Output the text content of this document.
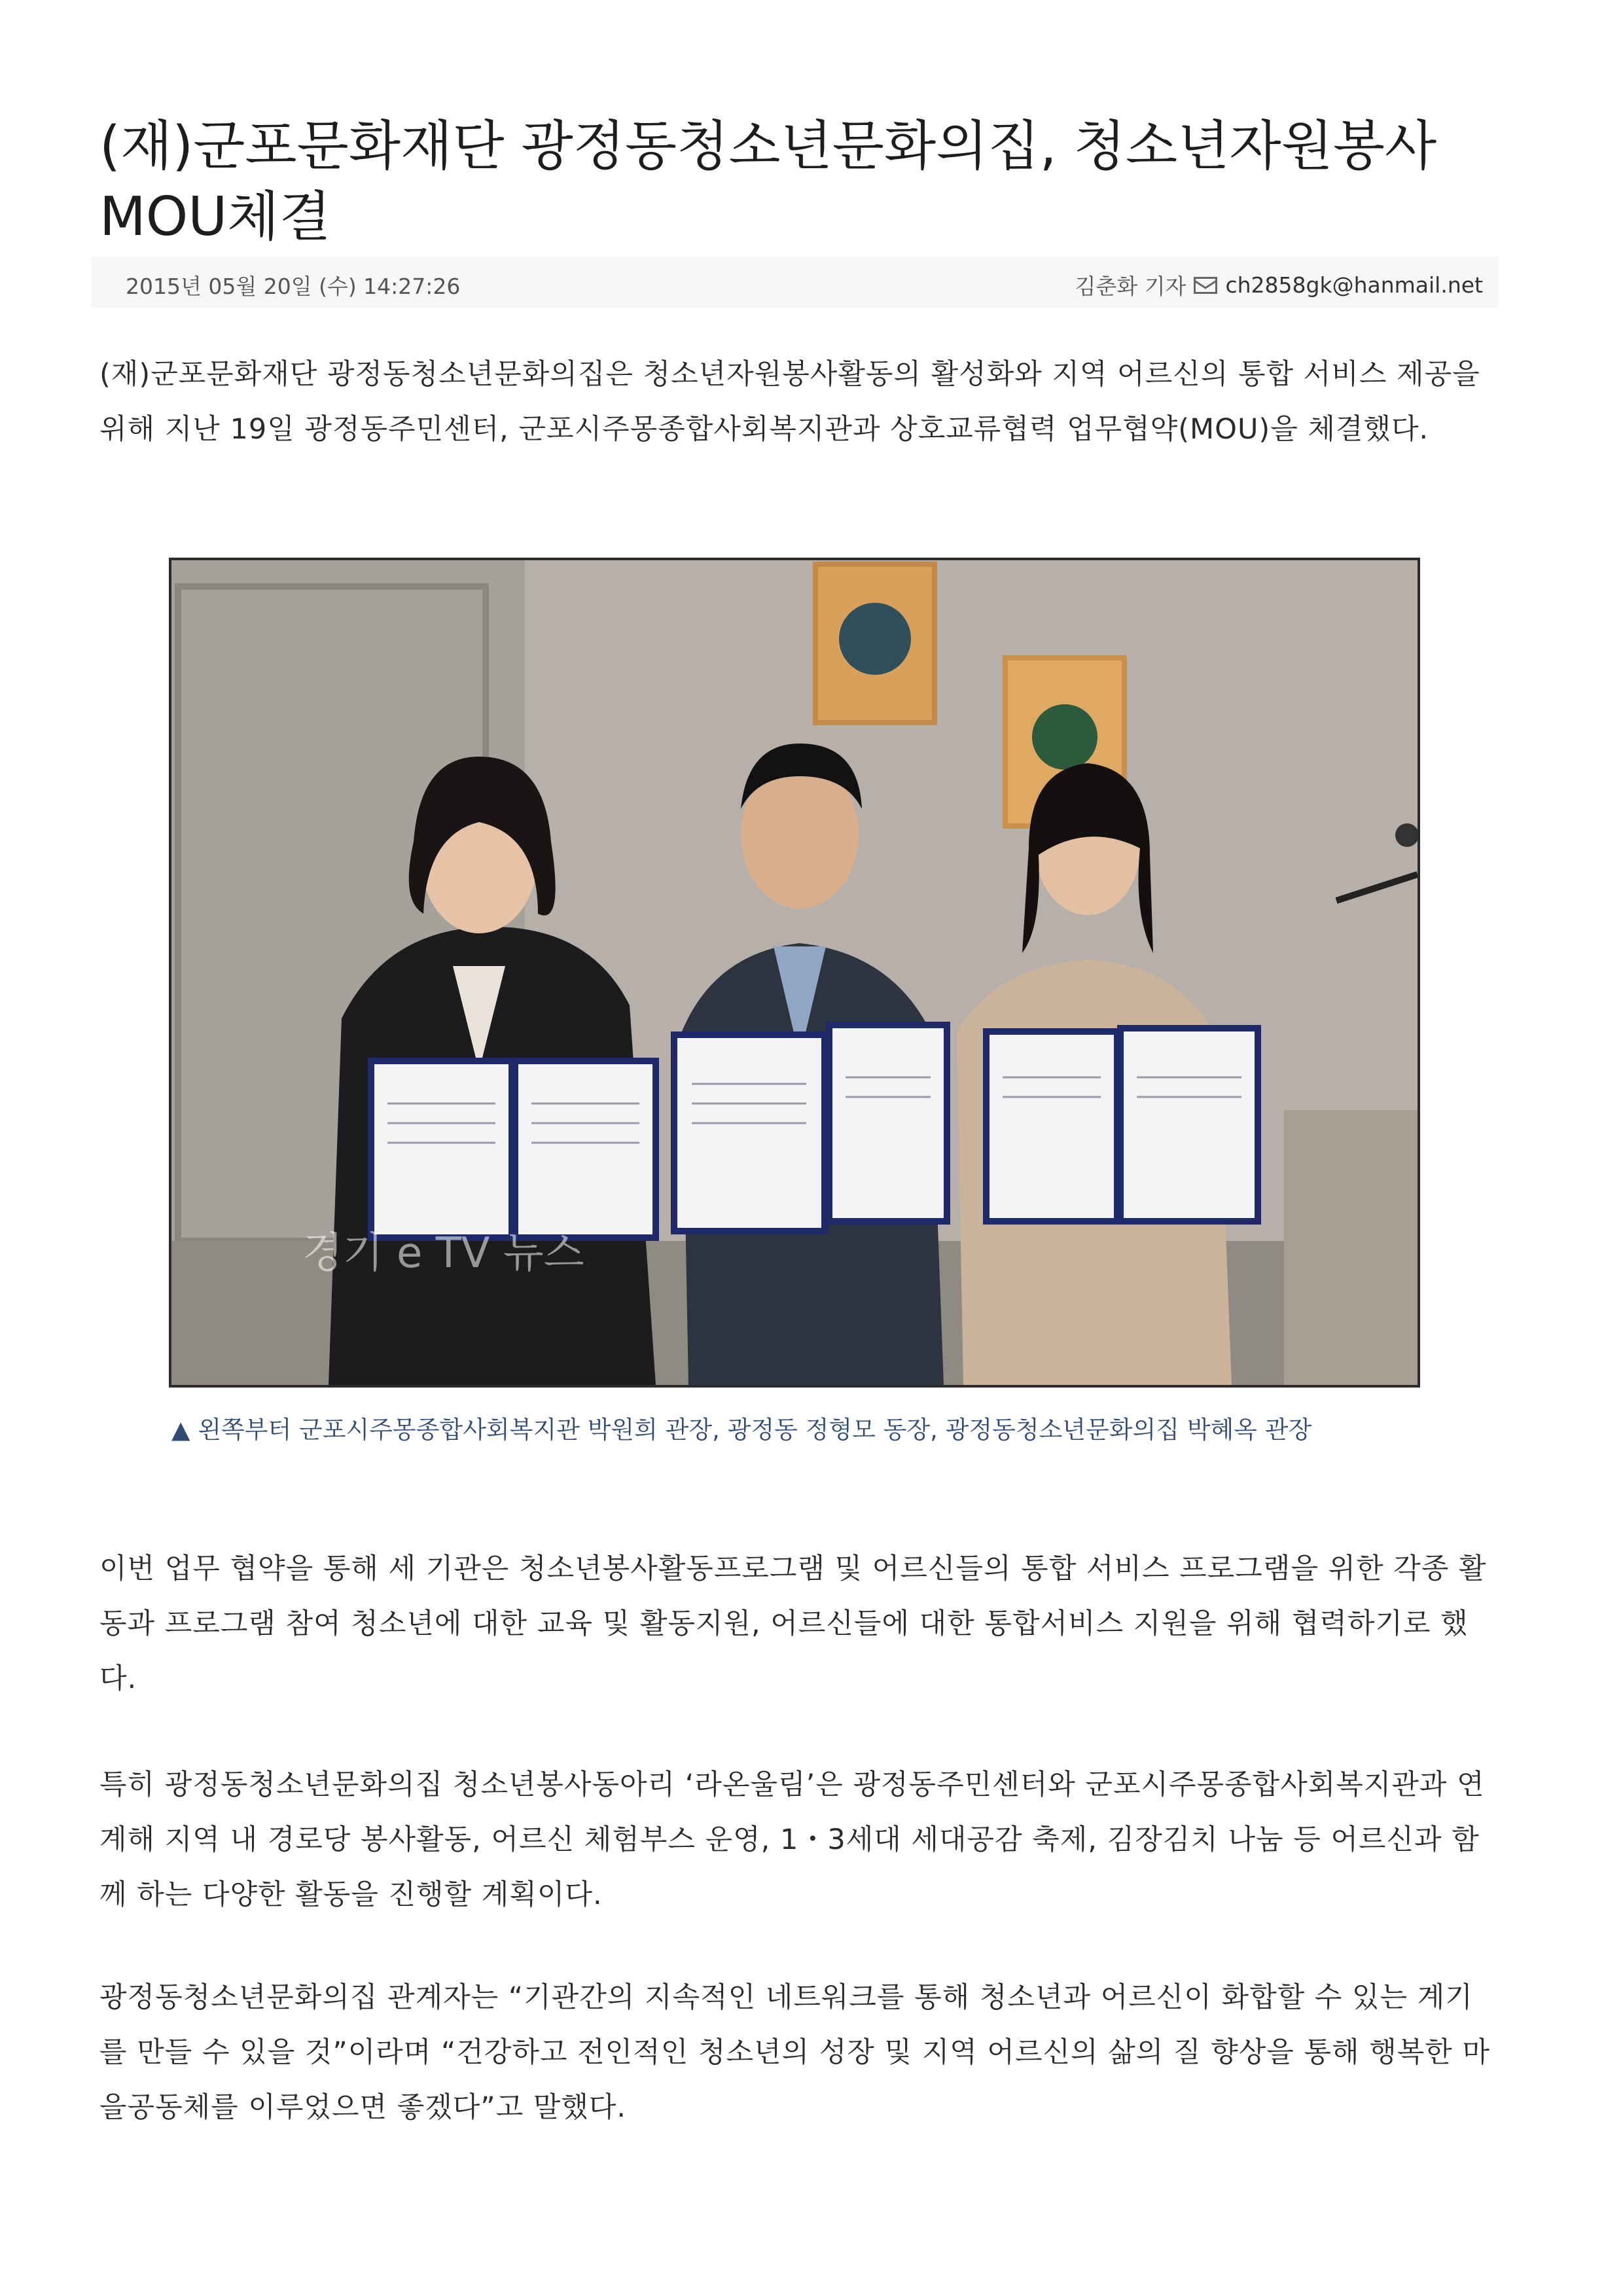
(재)군포문화재단 광정동청소년문화의집, 청소년자원봉사 MOU체결
2015년 05월 20일 (수) 14:27:26	김춘화 기자 ch2858gk@hanmail.net

(재)군포문화재단 광정동청소년문화의집은 청소년자원봉사활동의 활성화와 지역 어르신의 통합 서비스 제공을 위해 지난 19일 광정동주민센터, 군포시주몽종합사회복지관과 상호교류협력 업무협약(MOU)을 체결했다.

경기 e TV 뉴스

▲ 왼쪽부터 군포시주몽종합사회복지관 박원희 관장, 광정동 정형모 동장, 광정동청소년문화의집 박혜옥 관장

이번 업무 협약을 통해 세 기관은 청소년봉사활동프로그램 및 어르신들의 통합 서비스 프로그램을 위한 각종 활동과 프로그램 참여 청소년에 대한 교육 및 활동지원, 어르신들에 대한 통합서비스 지원을 위해 협력하기로 했다.

특히 광정동청소년문화의집 청소년봉사동아리 ‘라온울림’은 광정동주민센터와 군포시주몽종합사회복지관과 연계해 지역 내 경로당 봉사활동, 어르신 체험부스 운영, 1・3세대 세대공감 축제, 김장김치 나눔 등 어르신과 함께 하는 다양한 활동을 진행할 계획이다.

광정동청소년문화의집 관계자는 “기관간의 지속적인 네트워크를 통해 청소년과 어르신이 화합할 수 있는 계기를 만들 수 있을 것”이라며 “건강하고 전인적인 청소년의 성장 및 지역 어르신의 삶의 질 향상을 통해 행복한 마을공동체를 이루었으면 좋겠다”고 말했다.
